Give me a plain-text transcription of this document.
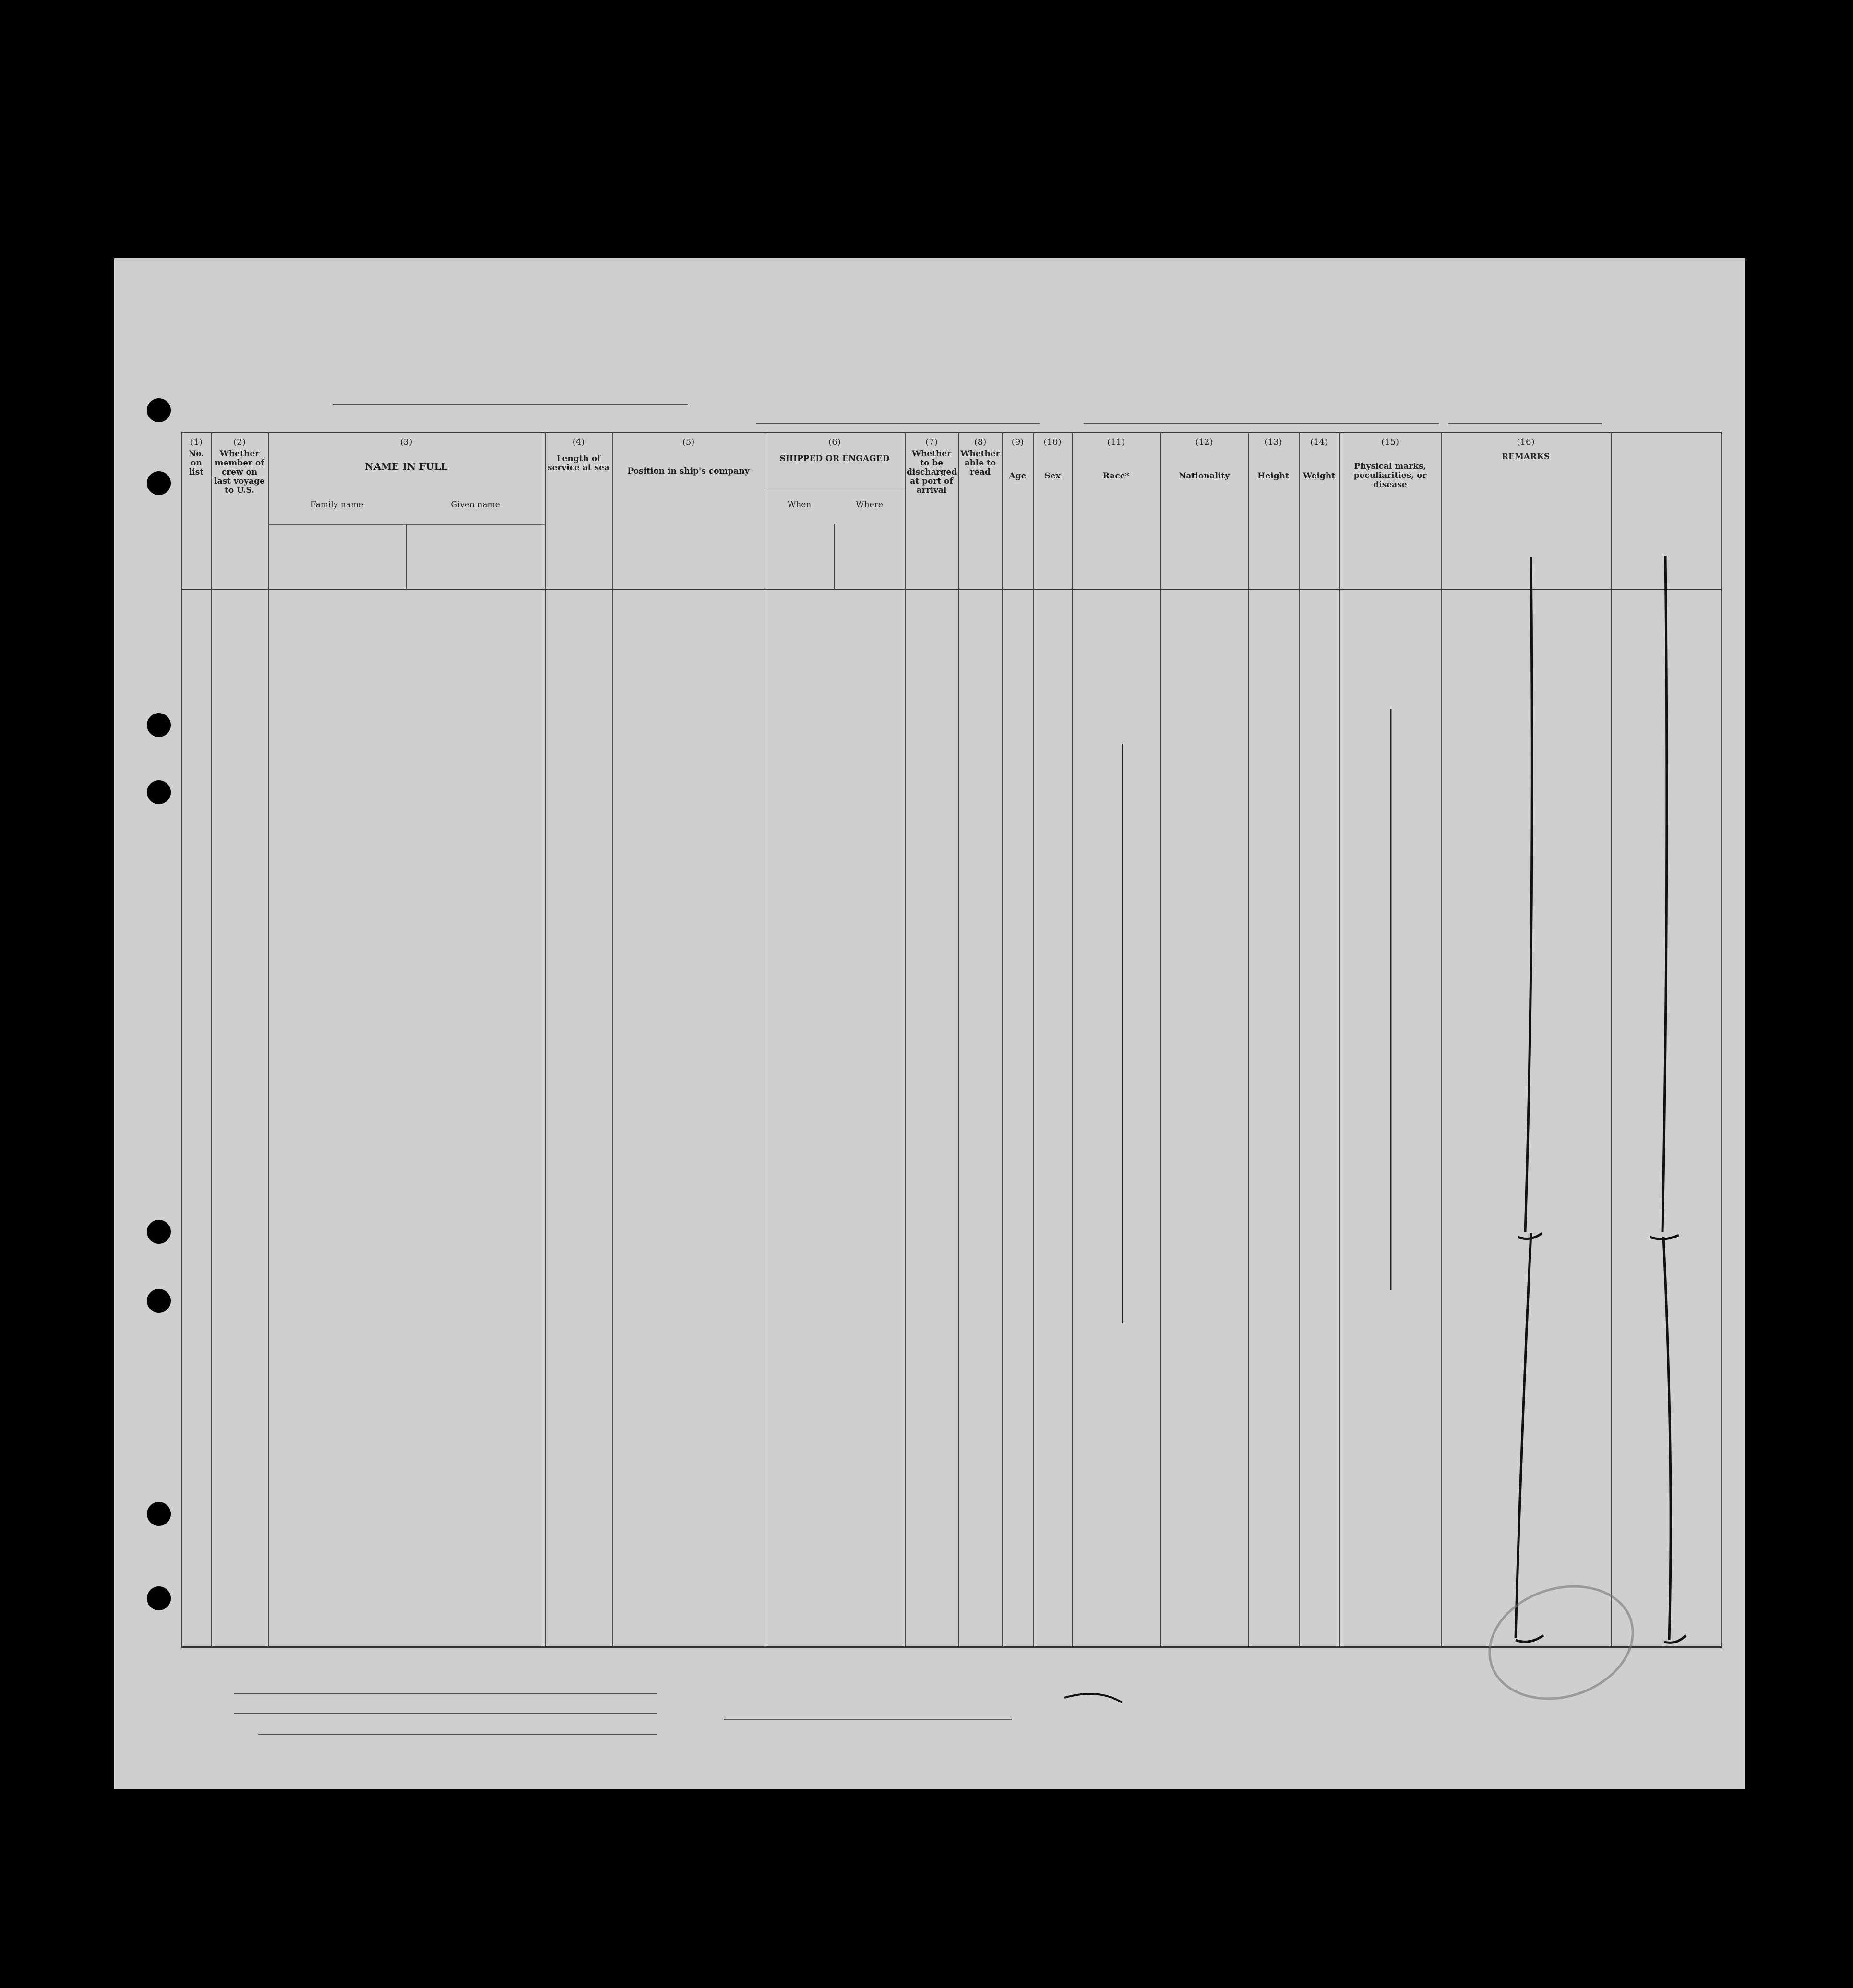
(1)
No. on list
(2)
Whether member of crew on last voyage to U.S.
(3)
NAME IN FULL
Family name	Given name
(4)
Length of service at sea
(5)
Position in ship's company
(6)
SHIPPED OR ENGAGED
When	Where
(7)
Whether to be discharged at port of arrival
(8)
Whether able to read
(9)
Age
(10)
Sex
(11)
Race*
(12)
Nationality
(13)
Height
(14)
Weight
(15)
Physical marks, peculiarities, or disease
(16)
REMARKS
